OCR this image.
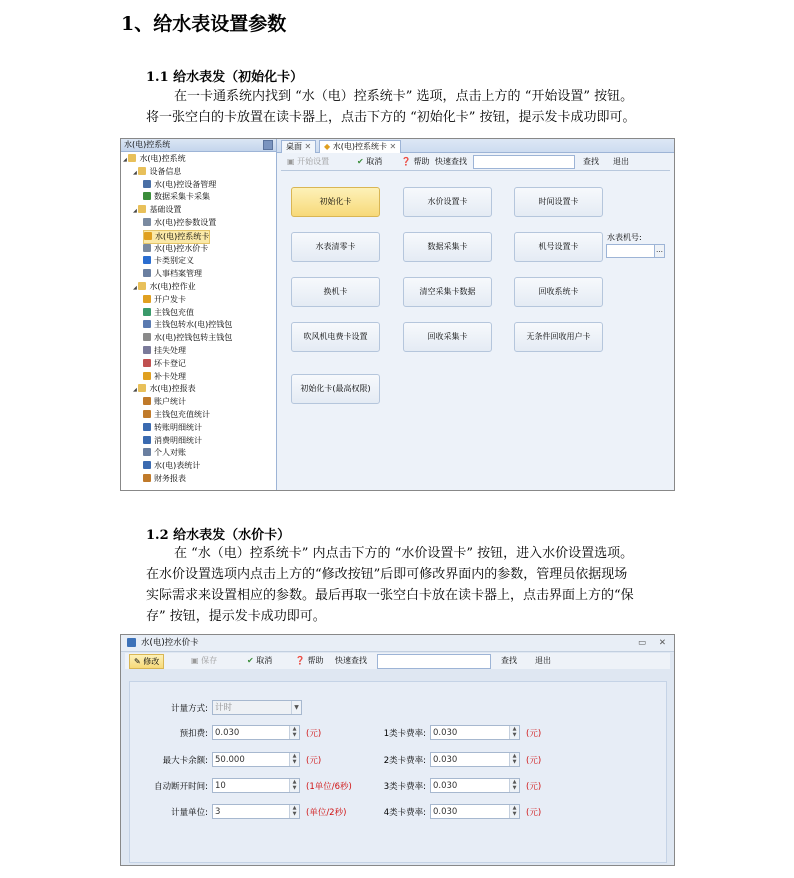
1、给水表设置参数
1.1 给水表发（初始化卡）
在一卡通系统内找到 “水（电）控系统卡” 选项，点击上方的 “开始设置” 按钮。
将一张空白的卡放置在读卡器上，点击下方的 “初始化卡” 按钮，提示发卡成功即可。
水(电)控系统
◢ 水(电)控系统
◢ 设备信息
水(电)控设备管理
数据采集卡采集
◢ 基础设置
水(电)控参数设置
水(电)控系统卡
水(电)控水价卡
卡类别定义
人事档案管理
◢ 水(电)控作业
开户发卡
主钱包充值
主钱包转水(电)控钱包
水(电)控钱包转主钱包
挂失处理
坏卡登记
补卡处理
◢ 水(电)控报表
账户统计
主钱包充值统计
转账明细统计
消费明细统计
个人对账
水(电)表统计
财务报表
桌面 ✕	◆ 水(电)控系统卡 ✕
▣ 开始设置	✔ 取消 ❓ 帮助 快速查找	查找 退出
初始化卡	水价设置卡	时间设置卡
水表清零卡	数据采集卡	机号设置卡
水表机号:
…
换机卡	清空采集卡数据	回收系统卡
吹风机电费卡设置	回收采集卡	无条件回收用户卡
初始化卡(最高权限)
1.2 给水表发（水价卡）
在 “水（电）控系统卡” 内点击下方的 “水价设置卡” 按钮，进入水价设置选项。
在水价设置选项内点击上方的“修改按钮”后即可修改界面内的参数，管理员依据现场
实际需求来设置相应的参数。最后再取一张空白卡放在读卡器上，点击界面上方的“保
存” 按钮，提示发卡成功即可。
水(电)控水价卡	▭ ✕
✎ 修改	▣ 保存	✔ 取消	❓ 帮助 快速查找	查找 退出
计量方式: 计时	▼
预扣费: 0.030	▲
▼	(元)
最大卡余额: 50.000	▲
▼	(元)
自动断开时间: 10	▲
▼	(1单位/6秒)
计量单位: 3	▲
▼	(单位/2秒)
1类卡费率: 0.030	▲
▼	(元)
2类卡费率: 0.030	▲
▼	(元)
3类卡费率: 0.030	▲
▼	(元)
4类卡费率: 0.030	▲
▼	(元)
